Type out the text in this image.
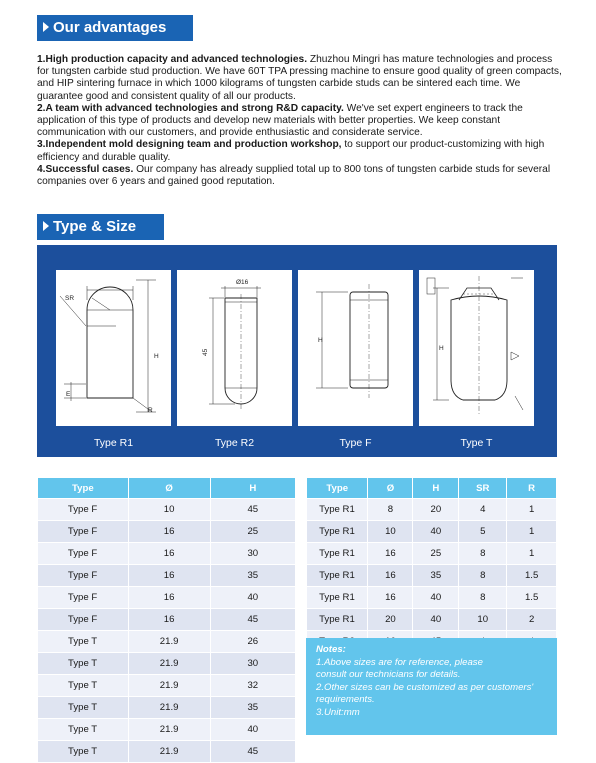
Our advantages

1.High production capacity and advanced technologies. Zhuzhou Mingri has mature technologies and process for tungsten carbide stud production. We have 60T TPA pressing machine to ensure good quality of green compacts, and HIP sintering furnace in which 1000 kilograms of tungsten carbide studs can be sintered each time. We guarantee good and consistent quality of all our products.

2.A team with advanced technologies and strong R&D capacity. We've set expert engineers to track the application of this type of products and develop new materials with better properties. We keep constant communication with our customers, and provide enthusiastic and considerate service.

3.Independent mold designing team and production workshop, to support our product-customizing with high efficiency and durable quality.

4.Successful cases. Our company has already supplied total up to 800 tons of tungsten carbide studs for several companies over 6 years and gained good reputation.

Type & Size
SR
H
E
R
Type R1
Ø16
45
Type R2
H
Type F
H
Type T
Type	Ø	H
Type F	10	45
Type F	16	25
Type F	16	30
Type F	16	35
Type F	16	40
Type F	16	45
Type T	21.9	26
Type T	21.9	30
Type T	21.9	32
Type T	21.9	35
Type T	21.9	40
Type T	21.9	45
Type	Ø	H	SR	R
Type R1	8	20	4	1
Type R1	10	40	5	1
Type R1	16	25	8	1
Type R1	16	35	8	1.5
Type R1	16	40	8	1.5
Type R1	20	40	10	2

Notes:
1.Above sizes are for reference, please
consult our technicians for details.
2.Other sizes can be customized as per customers'
requirements.
3.Unit:mm
